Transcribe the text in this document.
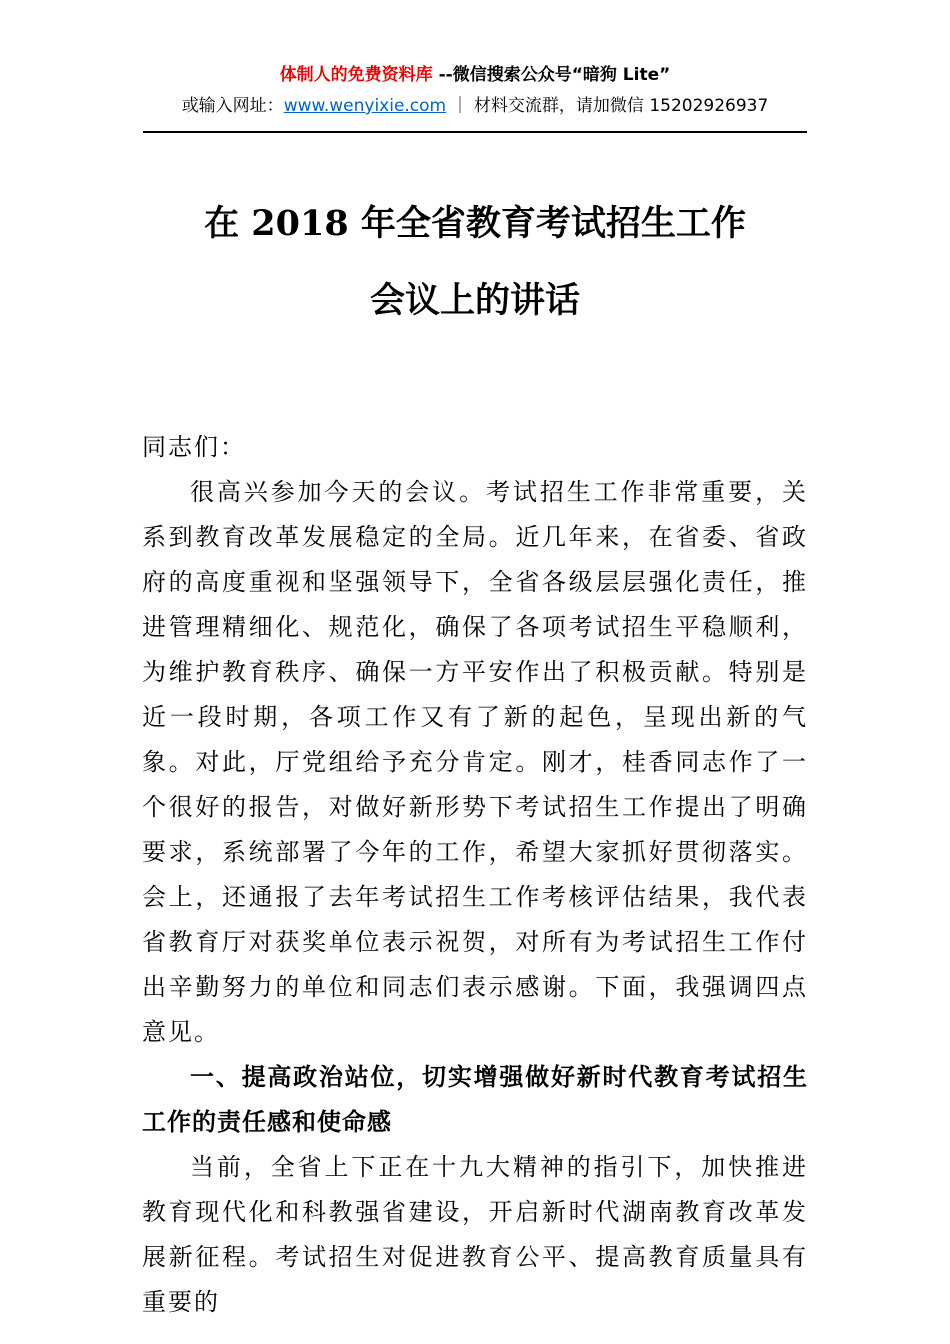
体制人的免费资料库 --微信搜索公众号“暗狗 Lite”
或输入网址：www.wenyixie.com ｜ 材料交流群，请加微信 15202926937
在 2018 年全省教育考试招生工作
会议上的讲话

同志们：

很高兴参加今天的会议。考试招生工作非常重要，关系到教育改革发展稳定的全局。近几年来，在省委、省政府的高度重视和坚强领导下，全省各级层层强化责任，推进管理精细化、规范化，确保了各项考试招生平稳顺利，为维护教育秩序、确保一方平安作出了积极贡献。特别是近一段时期，各项工作又有了新的起色，呈现出新的气象。对此，厅党组给予充分肯定。刚才，桂香同志作了一个很好的报告，对做好新形势下考试招生工作提出了明确要求，系统部署了今年的工作，希望大家抓好贯彻落实。会上，还通报了去年考试招生工作考核评估结果，我代表省教育厅对获奖单位表示祝贺，对所有为考试招生工作付出辛勤努力的单位和同志们表示感谢。下面，我强调四点意见。

一、提高政治站位，切实增强做好新时代教育考试招生工作的责任感和使命感

当前，全省上下正在十九大精神的指引下，加快推进教育现代化和科教强省建设，开启新时代湖南教育改革发展新征程。考试招生对促进教育公平、提高教育质量具有重要的
